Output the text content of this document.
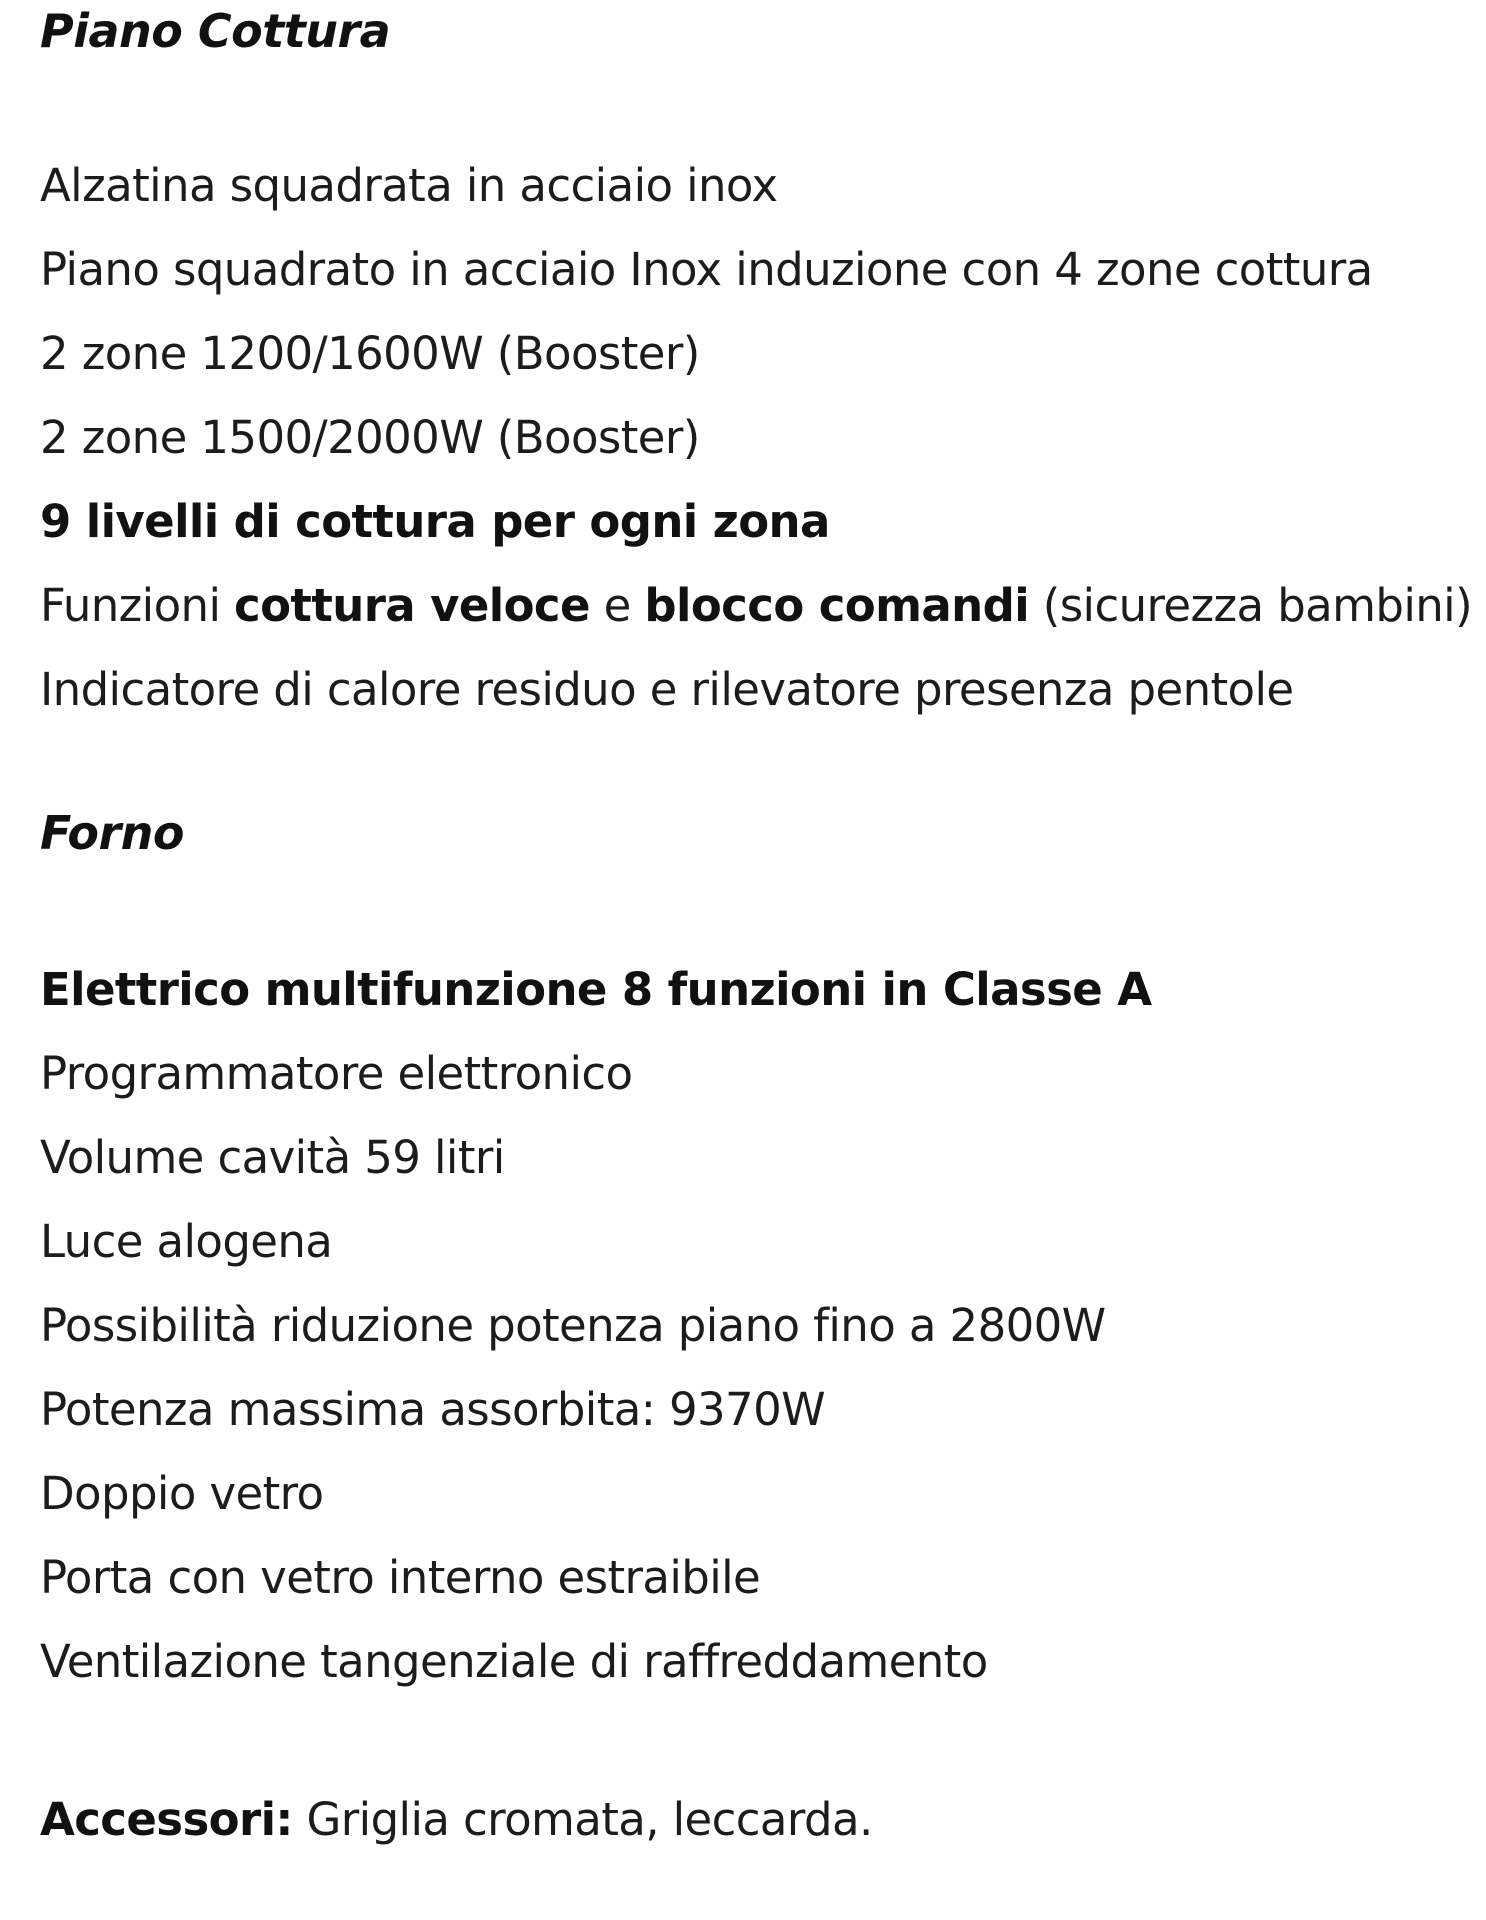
Piano Cottura
Alzatina squadrata in acciaio inox
Piano squadrato in acciaio Inox induzione con 4 zone cottura
2 zone 1200/1600W (Booster)
2 zone 1500/2000W (Booster)
9 livelli di cottura per ogni zona
Funzioni cottura veloce e blocco comandi (sicurezza bambini)
Indicatore di calore residuo e rilevatore presenza pentole
Forno
Elettrico multifunzione 8 funzioni in Classe A
Programmatore elettronico
Volume cavità 59 litri
Luce alogena
Possibilità riduzione potenza piano fino a 2800W
Potenza massima assorbita: 9370W
Doppio vetro
Porta con vetro interno estraibile
Ventilazione tangenziale di raffreddamento
Accessori: Griglia cromata, leccarda.
